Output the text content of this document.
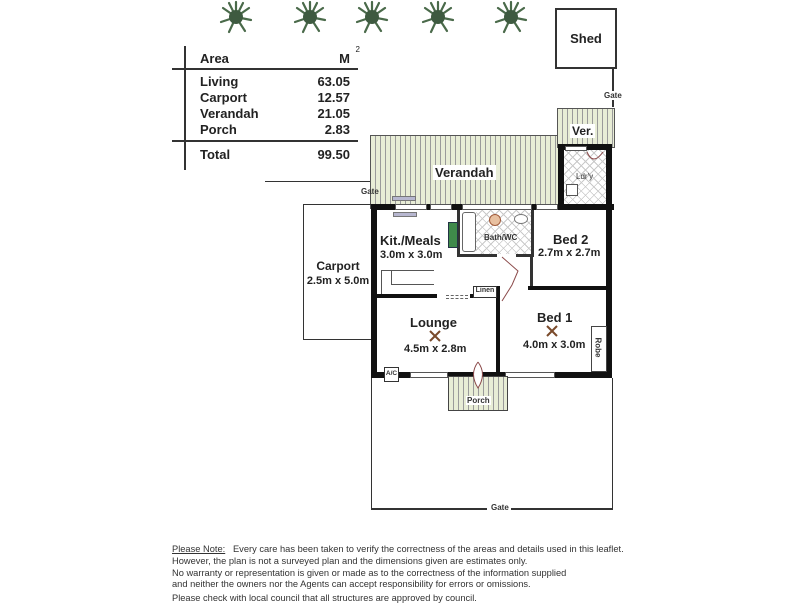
Area	M
2
Living	63.05
Carport	12.57
Verandah	21.05
Porch	2.83
Total	99.50
Shed
Gate
Verandah
Ver.
Gate
Ldr'y
Carport
2.5m x 5.0m
Bath/WC
Kit./Meals
3.0m x 3.0m
Bed 2
2.7m x 2.7m
Linen
Lounge
4.5m x 2.8m
Bed 1
4.0m x 3.0m Robe
A/C
Porch
Gate
Please Note: Every care has been taken to verify the correctness of the areas and details used in this leaflet.
However, the plan is not a surveyed plan and the dimensions given are estimates only.
No warranty or representation is given or made as to the correctness of the information supplied
and neither the owners nor the Agents can accept responsibility for errors or omissions.
Please check with local council that all structures are approved by council.
